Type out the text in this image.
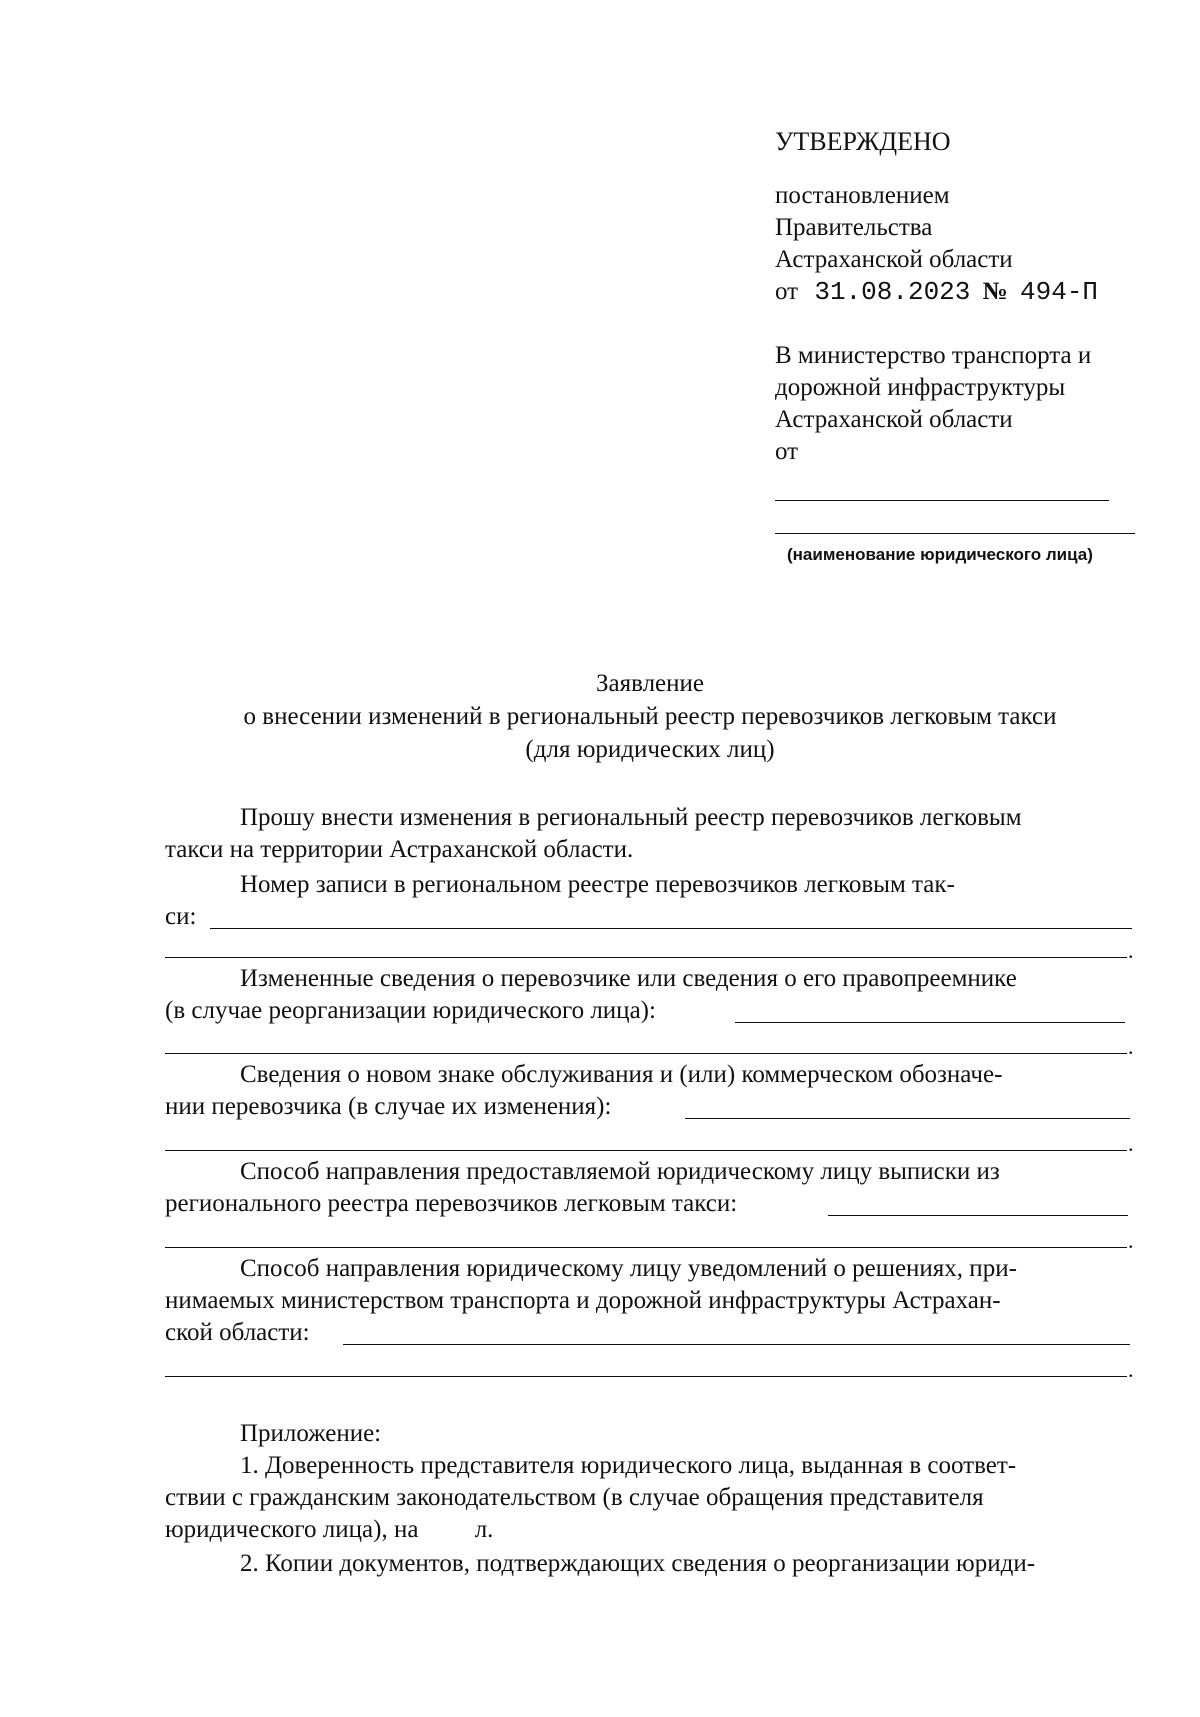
УТВЕРЖДЕНО
постановлением
Правительства
Астраханской области
от 31.08.2023 № 494-П
В министерство транспорта и
дорожной инфраструктуры
Астраханской области
от
(наименование юридического лица)
Заявление
о внесении изменений в региональный реестр перевозчиков легковым такси
(для юридических лиц)
Прошу внести изменения в региональный реестр перевозчиков легковым
такси на территории Астраханской области.
Номер записи в региональном реестре перевозчиков легковым так-
си:
.
Измененные сведения о перевозчике или сведения о его правопреемнике
(в случае реорганизации юридического лица):
.
Сведения о новом знаке обслуживания и (или) коммерческом обозначе-
нии перевозчика (в случае их изменения):
.
Способ направления предоставляемой юридическому лицу выписки из
регионального реестра перевозчиков легковым такси:
.
Способ направления юридическому лицу уведомлений о решениях, при-
нимаемых министерством транспорта и дорожной инфраструктуры Астрахан-
ской области:
.
Приложение:
1. Доверенность представителя юридического лица, выданная в соответ-
ствии с гражданским законодательством (в случае обращения представителя
юридического лица), на л.
2. Копии документов, подтверждающих сведения о реорганизации юриди-
